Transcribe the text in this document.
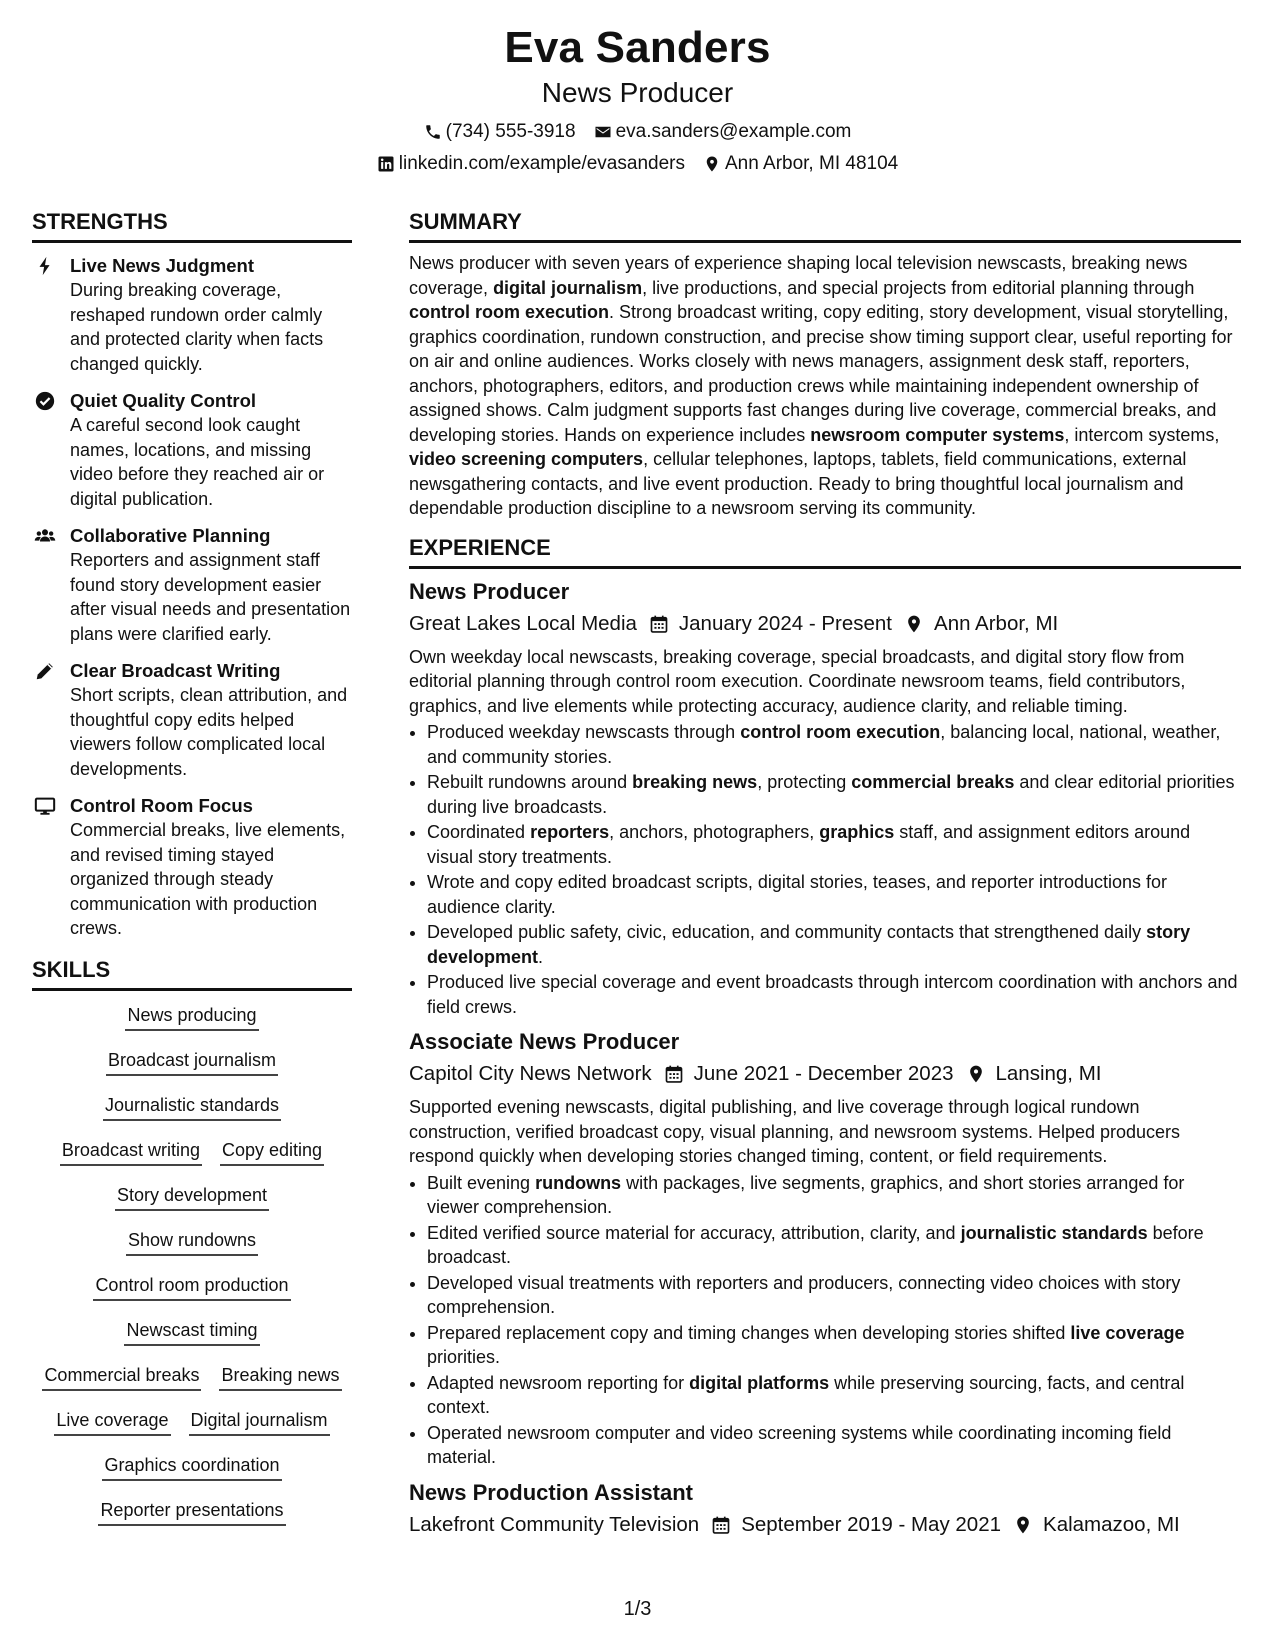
Eva Sanders
News Producer
(734) 555-3918 eva.sanders@example.com
linkedin.com/example/evasanders Ann Arbor, MI 48104
STRENGTHS
Live News Judgment
During breaking coverage, reshaped rundown order calmly and protected clarity when facts changed quickly.
Quiet Quality Control
A careful second look caught names, locations, and missing video before they reached air or digital publication.
Collaborative Planning
Reporters and assignment staff found story development easier after visual needs and presentation plans were clarified early.
Clear Broadcast Writing
Short scripts, clean attribution, and thoughtful copy edits helped viewers follow complicated local developments.
Control Room Focus
Commercial breaks, live elements, and revised timing stayed organized through steady communication with production crews.
SKILLS
News producing
Broadcast journalism
Journalistic standards
Broadcast writing Copy editing
Story development
Show rundowns
Control room production
Newscast timing
Commercial breaks Breaking news
Live coverage Digital journalism
Graphics coordination
Reporter presentations
SUMMARY
News producer with seven years of experience shaping local television newscasts, breaking news coverage, digital journalism, live productions, and special projects from editorial planning through control room execution. Strong broadcast writing, copy editing, story development, visual storytelling, graphics coordination, rundown construction, and precise show timing support clear, useful reporting for on air and online audiences. Works closely with news managers, assignment desk staff, reporters, anchors, photographers, editors, and production crews while maintaining independent ownership of assigned shows. Calm judgment supports fast changes during live coverage, commercial breaks, and developing stories. Hands on experience includes newsroom computer systems, intercom systems, video screening computers, cellular telephones, laptops, tablets, field communications, external newsgathering contacts, and live event production. Ready to bring thoughtful local journalism and dependable production discipline to a newsroom serving its community.
EXPERIENCE
News Producer
Great Lakes Local Media January 2024 - Present Ann Arbor, MI
Own weekday local newscasts, breaking coverage, special broadcasts, and digital story flow from editorial planning through control room execution. Coordinate newsroom teams, field contributors, graphics, and live elements while protecting accuracy, audience clarity, and reliable timing.
• Produced weekday newscasts through control room execution, balancing local, national, weather, and community stories.
• Rebuilt rundowns around breaking news, protecting commercial breaks and clear editorial priorities during live broadcasts.
• Coordinated reporters, anchors, photographers, graphics staff, and assignment editors around visual story treatments.
• Wrote and copy edited broadcast scripts, digital stories, teases, and reporter introductions for audience clarity.
• Developed public safety, civic, education, and community contacts that strengthened daily story development.
• Produced live special coverage and event broadcasts through intercom coordination with anchors and field crews.
Associate News Producer
Capitol City News Network June 2021 - December 2023 Lansing, MI
Supported evening newscasts, digital publishing, and live coverage through logical rundown construction, verified broadcast copy, visual planning, and newsroom systems. Helped producers respond quickly when developing stories changed timing, content, or field requirements.
• Built evening rundowns with packages, live segments, graphics, and short stories arranged for viewer comprehension.
• Edited verified source material for accuracy, attribution, clarity, and journalistic standards before broadcast.
• Developed visual treatments with reporters and producers, connecting video choices with story comprehension.
• Prepared replacement copy and timing changes when developing stories shifted live coverage priorities.
• Adapted newsroom reporting for digital platforms while preserving sourcing, facts, and central context.
• Operated newsroom computer and video screening systems while coordinating incoming field material.
News Production Assistant
Lakefront Community Television September 2019 - May 2021 Kalamazoo, MI
1/3
